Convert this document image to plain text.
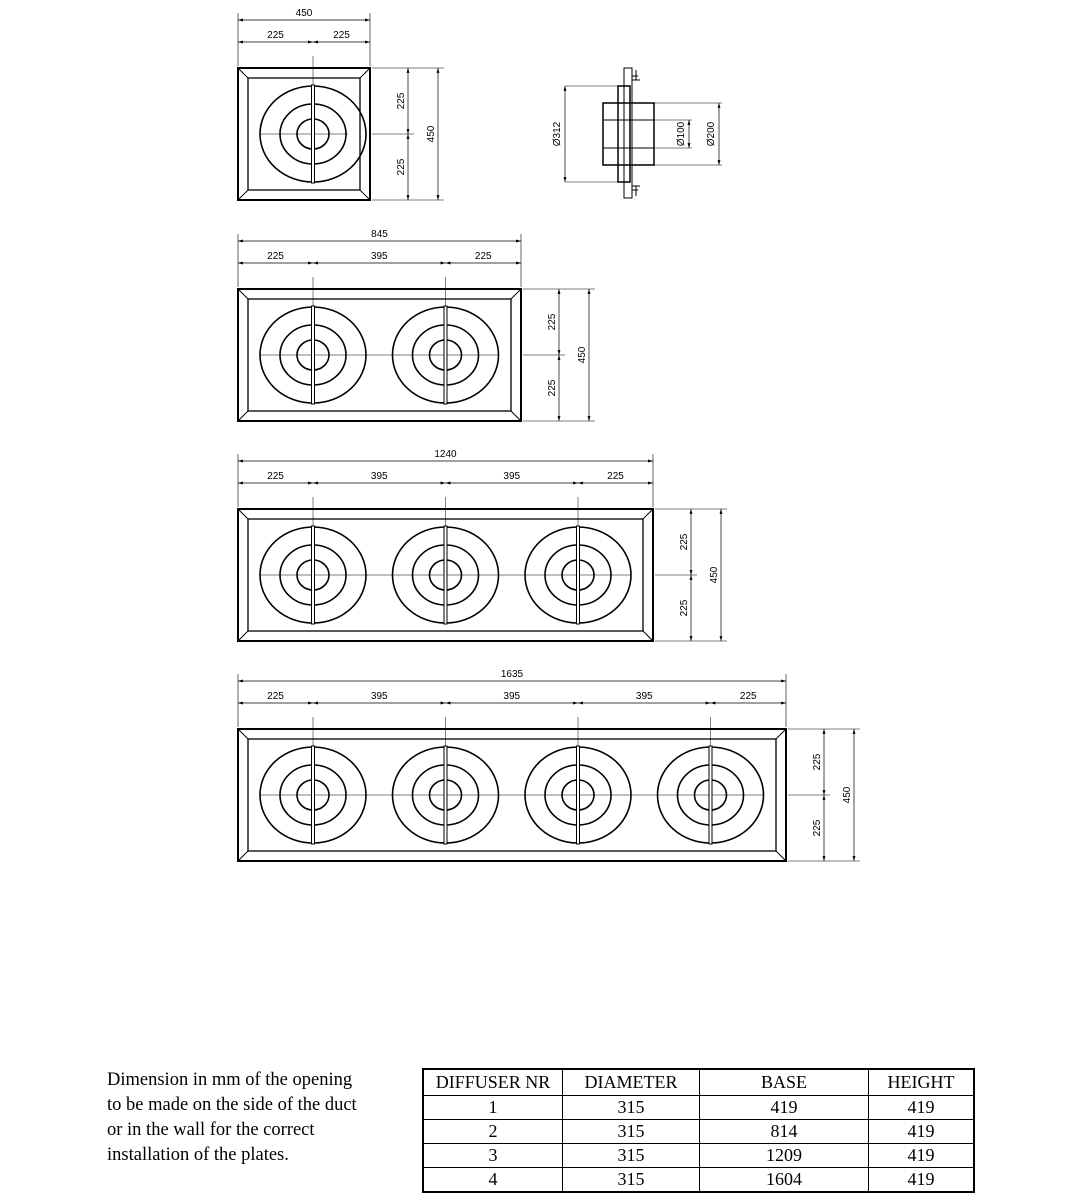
450
225	225
225
225
450
845
225	395	225
225
225
450
1240
225	395	395	225
225
225
450
1635
225	395	395	395	225
225
225
450
Ø312	Ø100 Ø200
Dimension in mm of the opening
to be made on the side of the duct
or in the wall for the correct
installation of the plates.
DIFFUSER NR	DIAMETER	BASE	HEIGHT
1	315	419	419
2	315	814	419
3	315	1209	419
4	315	1604	419
